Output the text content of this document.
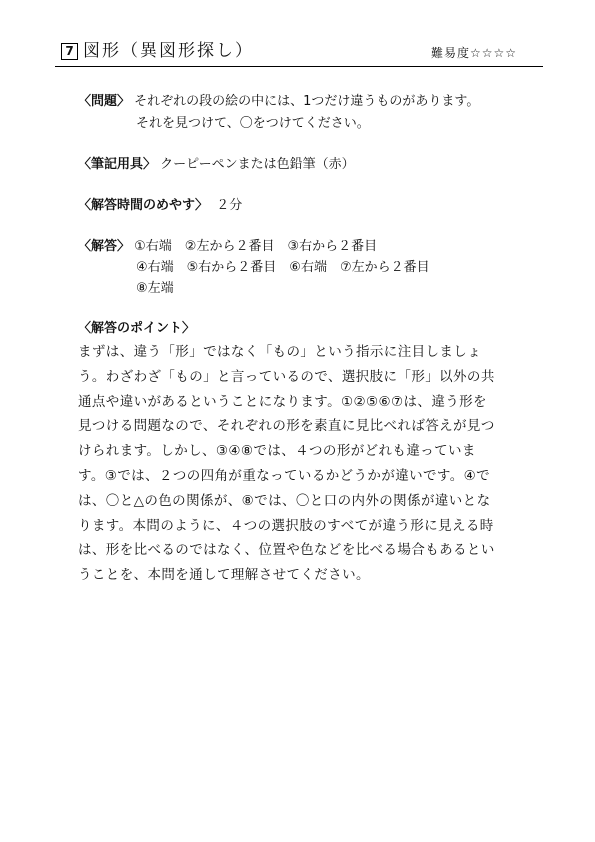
7 図形（異図形探し）	難易度☆☆☆☆
〈問題〉 それぞれの段の絵の中には、1つだけ違うものがあります。
それを見つけて、〇をつけてください。
〈筆記用具〉 クーピーペンまたは色鉛筆（赤）
〈解答時間のめやす〉 ２分
〈解答〉 ①右端　②左から２番目　③右から２番目
④右端　⑤右から２番目　⑥右端　⑦左から２番目
⑧左端
〈解答のポイント〉
まずは、違う「形」ではなく「もの」という指示に注目しましょ
う。わざわざ「もの」と言っているので、選択肢に「形」以外の共
通点や違いがあるということになります。①②⑤⑥⑦は、違う形を
見つける問題なので、それぞれの形を素直に見比べれば答えが見つ
けられます。しかし、③④⑧では、４つの形がどれも違っていま
す。③では、２つの四角が重なっているかどうかが違いです。④で
は、〇と△の色の関係が、⑧では、〇と口の内外の関係が違いとな
ります。本問のように、４つの選択肢のすべてが違う形に見える時
は、形を比べるのではなく、位置や色などを比べる場合もあるとい
うことを、本問を通して理解させてください。
